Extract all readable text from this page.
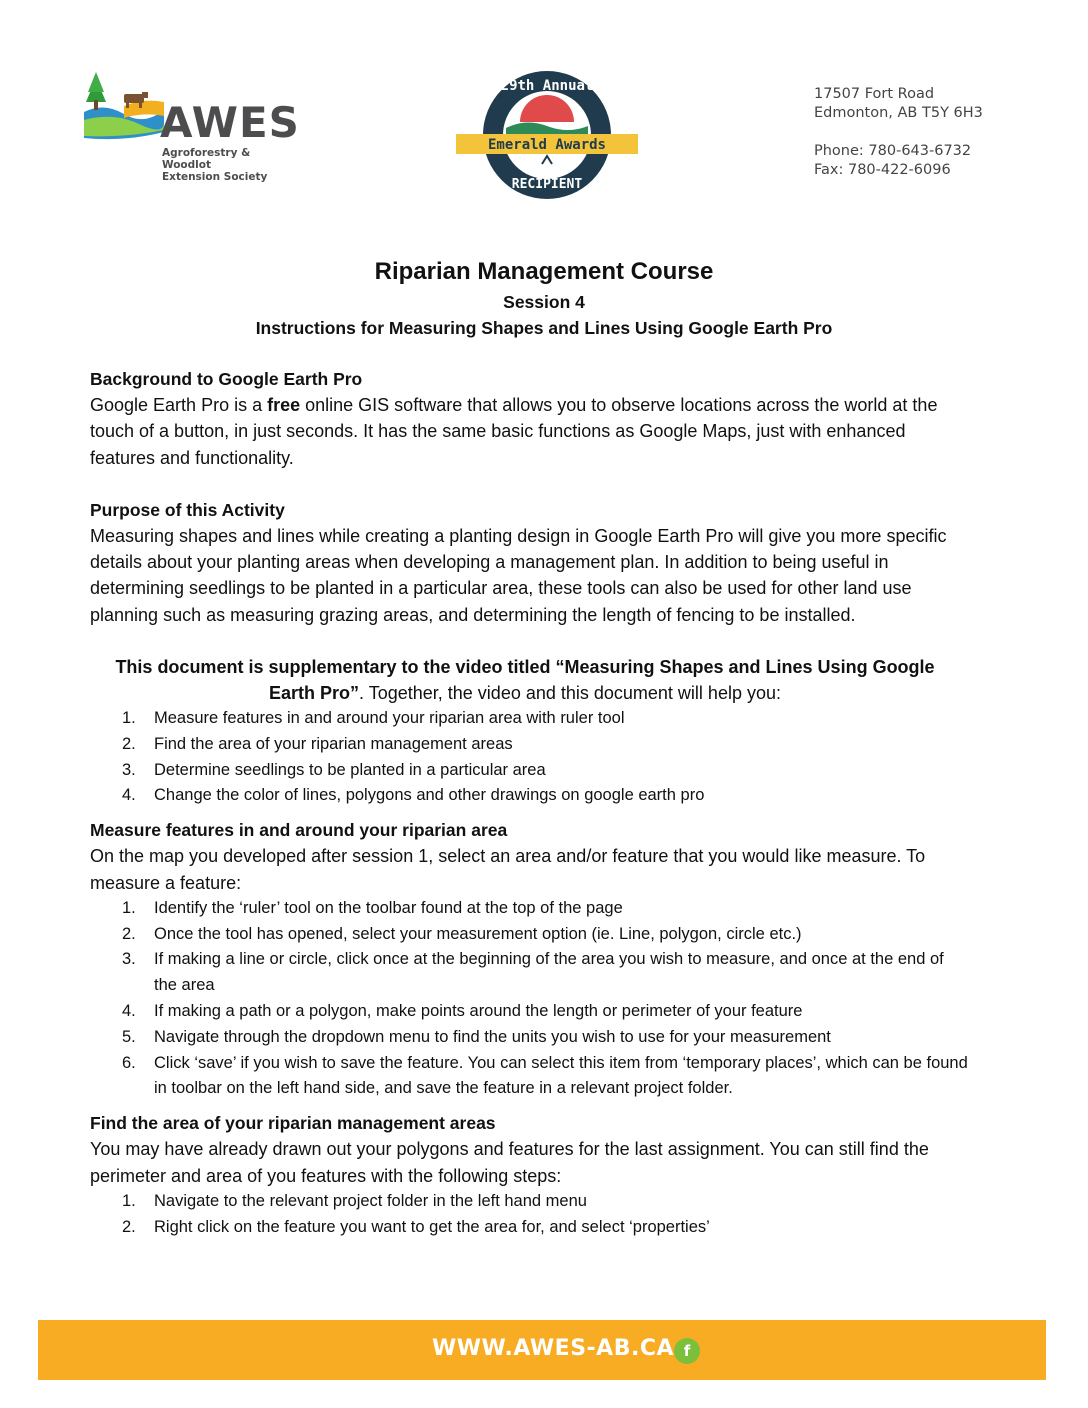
AWES
Agroforestry & Woodlot
Extension Society
Emerald Awards
29th Annual
RECIPIENT
17507 Fort Road
Edmonton, AB T5Y 6H3
Phone: 780-643-6732
Fax: 780-422-6096
Riparian Management Course
Session 4
Instructions for Measuring Shapes and Lines Using Google Earth Pro
Background to Google Earth Pro

Google Earth Pro is a free online GIS software that allows you to observe locations across the world at the touch of a button, in just seconds. It has the same basic functions as Google Maps, just with enhanced features and functionality.

Purpose of this Activity

Measuring shapes and lines while creating a planting design in Google Earth Pro will give you more specific details about your planting areas when developing a management plan. In addition to being useful in determining seedlings to be planted in a particular area, these tools can also be used for other land use planning such as measuring grazing areas, and determining the length of fencing to be installed.

This document is supplementary to the video titled “Measuring Shapes and Lines Using Google Earth Pro”. Together, the video and this document will help you:

1. Measure features in and around your riparian area with ruler tool
2. Find the area of your riparian management areas
3. Determine seedlings to be planted in a particular area
4. Change the color of lines, polygons and other drawings on google earth pro
Measure features in and around your riparian area

On the map you developed after session 1, select an area and/or feature that you would like measure. To measure a feature:

1. Identify the ‘ruler’ tool on the toolbar found at the top of the page
2. Once the tool has opened, select your measurement option (ie. Line, polygon, circle etc.)
3. If making a line or circle, click once at the beginning of the area you wish to measure, and once at the end of the area
4. If making a path or a polygon, make points around the length or perimeter of your feature
5. Navigate through the dropdown menu to find the units you wish to use for your measurement
6. Click ‘save’ if you wish to save the feature. You can select this item from ‘temporary places’, which can be found in toolbar on the left hand side, and save the feature in a relevant project folder.
Find the area of your riparian management areas

You may have already drawn out your polygons and features for the last assignment. You can still find the perimeter and area of you features with the following steps:

1. Navigate to the relevant project folder in the left hand menu
2. Right click on the feature you want to get the area for, and select ‘properties’
WWW.AWES-AB.CA f
